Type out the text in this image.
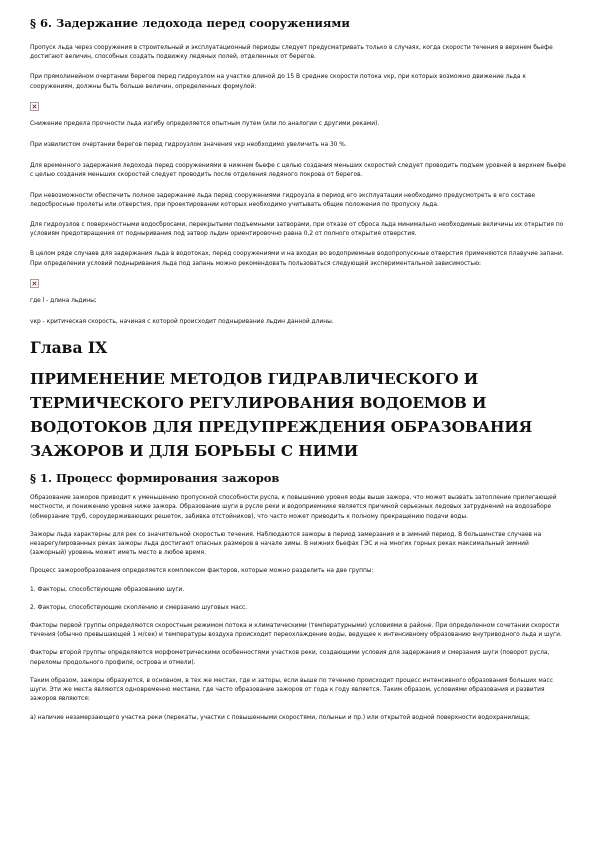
§ 6. Задержание ледохода перед сооружениями

Пропуск льда через сооружения в строительный и эксплуатационный периоды следует предусматривать только в случаях, когда скорости течения в верхнем бьефе достигают величин, способных создать подвижку ледяных полей, отделенных от берегов.

При прямолинейном очертании берегов перед гидроузлом на участке длиной до 15 В средние скорости потока vкр, при которых возможно движение льда к сооружениям, должны быть больше величин, определенных формулой:

Снижение предела прочности льда изгибу определяется опытным путем (или по аналогии с другими реками).

При извилистом очертании берегов перед гидроузлом значения vкр необходимо увеличить на 30 %.

Для временного задержания ледохода перед сооружениями в нижнем бьефе с целью создания меньших скоростей следует проводить подъем уровней в верхнем бьефе с целью создания меньших скоростей следует проводить после отделения ледяного покрова от берегов.

При невозможности обеспечить полное задержание льда перед сооружениями гидроузла в период его эксплуатации необходимо предусмотреть в его составе ледосбросные пролеты или отверстия, при проектировании которых необходимо учитывать общие положения по пропуску льда.

Для гидроузлов с поверхностными водосбросами, перекрытыми подъемными затворами, при отказе от сброса льда минимально необходимые величины их открытия по условиям предотвращения от подныривания под затвор льдин ориентировочно равна 0,2 от полного открытия отверстия.

В целом ряде случаев для задержания льда в водотоках, перед сооружениями и на входах во водоприемные водопропускные отверстия применяются плавучие запани. При определении условий подныривания льда под запань можно рекомендовать пользоваться следующей экспериментальной зависимостью:

где l - длина льдины;

vкр - критическая скорость, начиная с которой происходит подныривание льдин данной длины.

Глава IX
ПРИМЕНЕНИЕ МЕТОДОВ ГИДРАВЛИЧЕСКОГО И ТЕРМИЧЕСКОГО РЕГУЛИРОВАНИЯ ВОДОЕМОВ И ВОДОТОКОВ ДЛЯ ПРЕДУПРЕЖДЕНИЯ ОБРАЗОВАНИЯ ЗАЖОРОВ И ДЛЯ БОРЬБЫ С НИМИ
§ 1. Процесс формирования зажоров

Образование зажоров приводит к уменьшению пропускной способности русла, к повышению уровня воды выше зажора, что может вызвать затопление прилегающей местности, и понижению уровня ниже зажора. Образование шуги в русле реки и водоприемнике является причиной серьезных ледовых затруднений на водозаборе (обмерзание труб, сороудерживающих решеток, забивка отстойников), что часто может приводить к полному прекращению подачи воды.

Зажоры льда характерны для рек со значительной скоростью течения. Наблюдаются зажоры в период замерзания и в зимний период. В большинстве случаев на незарегулированных реках зажоры льда достигают опасных размеров в начале зимы. В нижних бьефах ГЭС и на многих горных реках максимальный зимний (зажорный) уровень может иметь место в любое время.

Процесс зажорообразования определяется комплексом факторов, которые можно разделить на две группы:

1. Факторы, способствующие образованию шуги.

2. Факторы, способствующие скоплению и смерзанию шуговых масс.

Факторы первой группы определяются скоростным режимом потока и климатическими (температурными) условиями в районе. При определенном сочетании скорости течения (обычно превышающей 1 м/сек) и температуры воздуха происходит переохлаждение воды, ведущее к интенсивному образованию внутриводного льда и шуги.

Факторы второй группы определяются морфометрическими особенностями участков реки, создающими условия для задержания и смерзания шуги (поворот русла, переломы продольного профиля, острова и отмели).

Таким образом, зажоры образуются, в основном, в тех же местах, где и заторы, если выше по течению происходит процесс интенсивного образования больших масс шуги. Эти же места являются одновременно местами, где часто образование зажоров от года к году является. Таким образом, условиями образования и развития зажоров являются:

а) наличие незамерзающего участка реки (перекаты, участки с повышенными скоростями, полыньи и пр.) или открытой водной поверхности водохранилища;
